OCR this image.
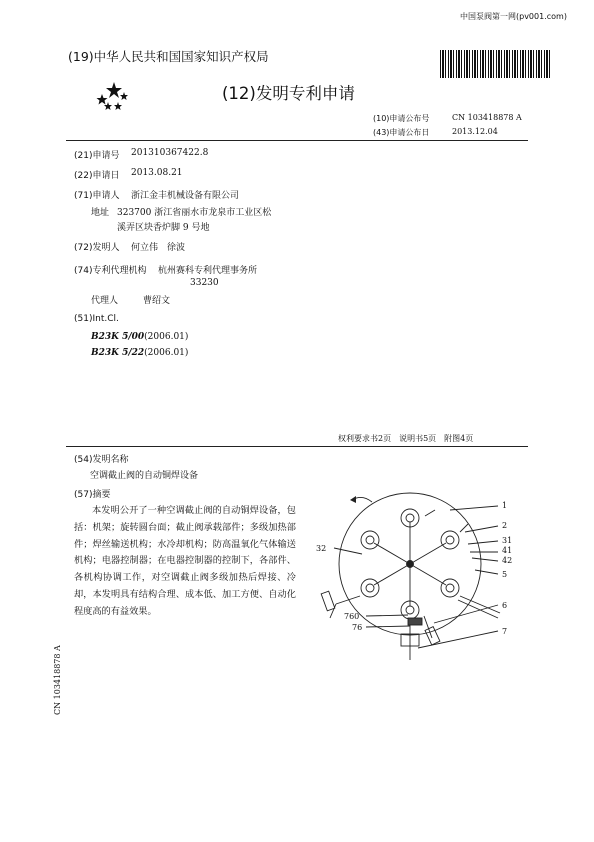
中国泵阀第一网(pv001.com)
(19)中华人民共和国国家知识产权局
(12)发明专利申请
(10)申请公布号	CN 103418878 A
(43)申请公布日	2013.12.04
(21)申请号 201310367422.8
(22)申请日 2013.08.21
(71)申请人 浙江金丰机械设备有限公司
地址 323700 浙江省丽水市龙泉市工业区松
溪弄区块香炉脚 9 号地
(72)发明人 何立伟　徐波
(74)专利代理机构 杭州赛科专利代理事务所
33230
代理人	曹绍文
(51)Int.Cl.
B23K 5/00(2006.01)
B23K 5/22(2006.01)
权利要求书2页　说明书5页　附图4页
(54)发明名称
空调截止阀的自动铜焊设备
(57)摘要
本发明公开了一种空调截止阀的自动铜焊设备，包括：机架；旋转圆台面；截止阀承载部件；多级加热部件；焊丝输送机构；水冷却机构；防高温氧化气体输送机构；电器控制器；在电器控制器的控制下，各部件、各机构协调工作，对空调截止阀多级加热后焊接、冷却，本发明具有结构合理、成本低、加工方便、自动化程度高的有益效果。
CN 103418878 A
1
2
31
41
42
5
6
7
32
760
76
